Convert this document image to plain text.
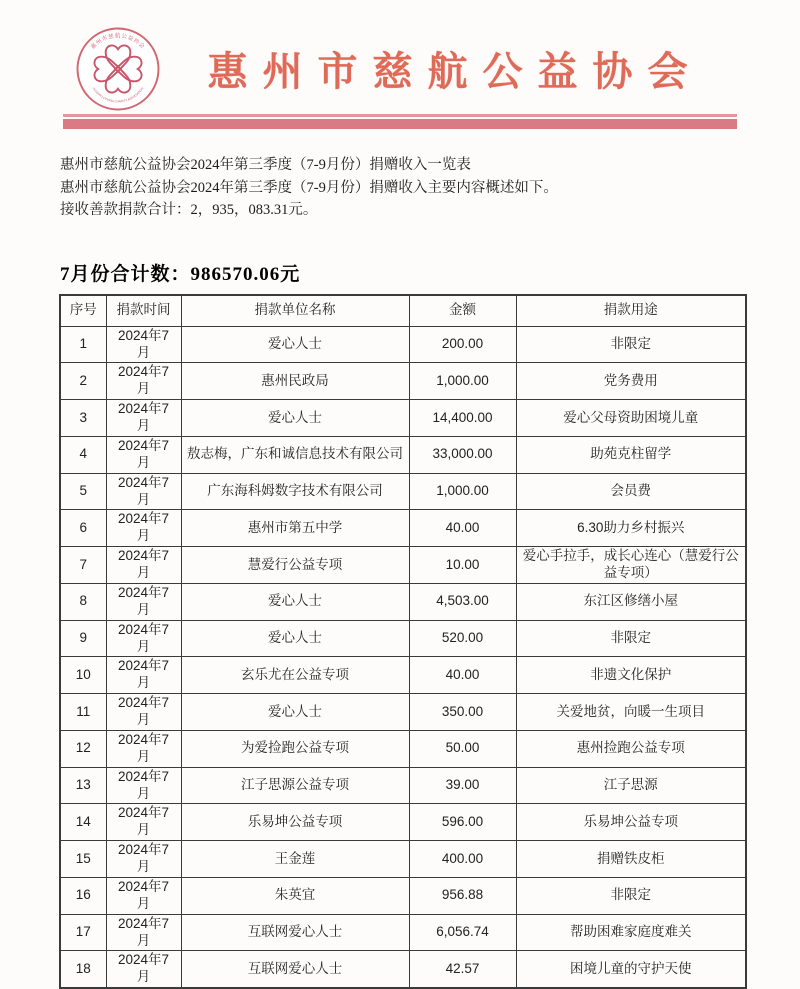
惠州市慈航公益协会
HUIZHOU CIHANG CHARITY ASSOCIATION	惠州市慈航公益协会

惠州市慈航公益协会2024年第三季度（7-9月份）捐赠收入一览表

惠州市慈航公益协会2024年第三季度（7-9月份）捐赠收入主要内容概述如下。

接收善款捐款合计：2，935，083.31元。

7月份合计数：986570.06元
序号	捐款时间	捐款单位名称	金额	捐款用途
1	2024年7月	爱心人士	200.00	非限定
2	2024年7月	惠州民政局	1,000.00	党务费用
3	2024年7月	爱心人士	14,400.00	爱心父母资助困境儿童
4	2024年7月	敖志梅，广东和诚信息技术有限公司	33,000.00	助苑克柱留学
5	2024年7月	广东海科姆数字技术有限公司	1,000.00	会员费
6	2024年7月	惠州市第五中学	40.00	6.30助力乡村振兴
7	2024年7月	慧爱行公益专项	10.00	爱心手拉手，成长心连心（慧爱行公益专项）
8	2024年7月	爱心人士	4,503.00	东江区修缮小屋
9	2024年7月	爱心人士	520.00	非限定
10	2024年7月	玄乐尤在公益专项	40.00	非遗文化保护
11	2024年7月	爱心人士	350.00	关爱地贫，向暖一生项目
12	2024年7月	为爱捡跑公益专项	50.00	惠州捡跑公益专项
13	2024年7月	江子思源公益专项	39.00	江子思源
14	2024年7月	乐易坤公益专项	596.00	乐易坤公益专项
15	2024年7月	王金莲	400.00	捐赠铁皮柜
16	2024年7月	朱英宜	956.88	非限定
17	2024年7月	互联网爱心人士	6,056.74	帮助困难家庭度难关
18	2024年7月	互联网爱心人士	42.57	困境儿童的守护天使
